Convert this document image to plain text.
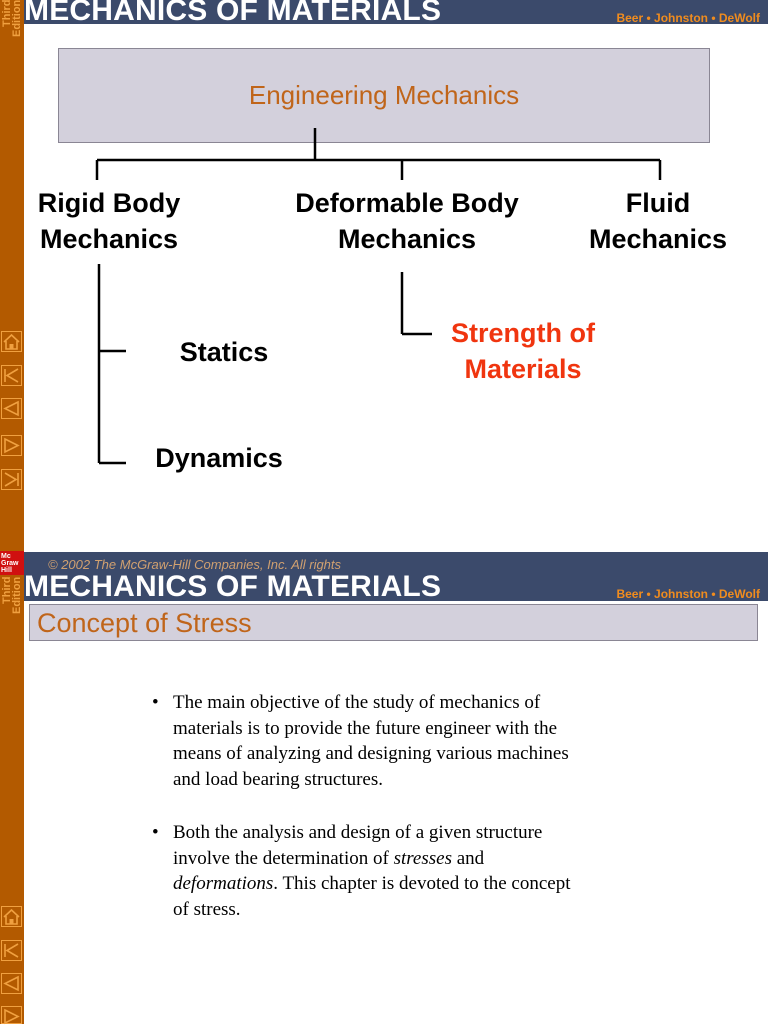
Third Edition MECHANICS OF MATERIALS	Beer • Johnston • DeWolf
Engineering Mechanics
Rigid Body
Mechanics
Deformable Body
Mechanics
Fluid
Mechanics
Statics
Dynamics
Strength of
Materials
© 2002 The McGraw-Hill Companies, Inc. All rights
Mc
Graw
Hill
Third Edition MECHANICS OF MATERIALS	Beer • Johnston • DeWolf
Concept of Stress
• The main objective of the study of mechanics of materials is to provide the future engineer with the means of analyzing and designing various machines and load bearing structures.
• Both the analysis and design of a given structure involve the determination of stresses and deformations. This chapter is devoted to the concept of stress.
